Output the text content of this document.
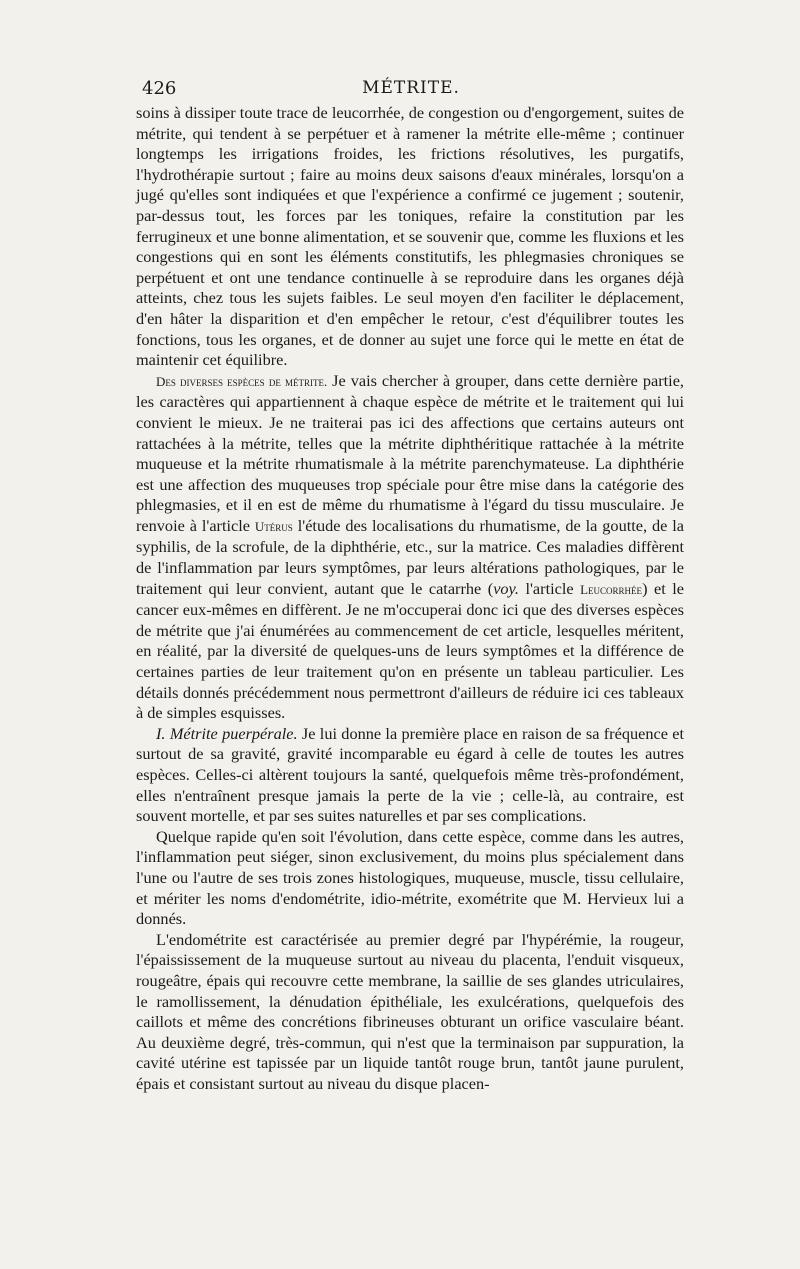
426	MÉTRITE.

soins à dissiper toute trace de leucorrhée, de congestion ou d'engorgement, suites de métrite, qui tendent à se perpétuer et à ramener la métrite elle-même ; continuer longtemps les irrigations froides, les frictions résolutives, les purgatifs, l'hydrothérapie surtout ; faire au moins deux saisons d'eaux minérales, lorsqu'on a jugé qu'elles sont indiquées et que l'expérience a confirmé ce jugement ; soutenir, par-dessus tout, les forces par les toniques, refaire la constitution par les ferrugineux et une bonne alimentation, et se souvenir que, comme les fluxions et les congestions qui en sont les éléments constitutifs, les phlegmasies chroniques se perpétuent et ont une tendance continuelle à se reproduire dans les organes déjà atteints, chez tous les sujets faibles. Le seul moyen d'en faciliter le déplacement, d'en hâter la disparition et d'en empêcher le retour, c'est d'équilibrer toutes les fonctions, tous les organes, et de donner au sujet une force qui le mette en état de maintenir cet équilibre.

Des diverses espèces de métrite. Je vais chercher à grouper, dans cette dernière partie, les caractères qui appartiennent à chaque espèce de métrite et le traitement qui lui convient le mieux. Je ne traiterai pas ici des affections que certains auteurs ont rattachées à la métrite, telles que la métrite diphthéritique rattachée à la métrite muqueuse et la métrite rhumatismale à la métrite parenchymateuse. La diphthérie est une affection des muqueuses trop spéciale pour être mise dans la catégorie des phlegmasies, et il en est de même du rhumatisme à l'égard du tissu musculaire. Je renvoie à l'article Utérus l'étude des localisations du rhumatisme, de la goutte, de la syphilis, de la scrofule, de la diphthérie, etc., sur la matrice. Ces maladies diffèrent de l'inflammation par leurs symptômes, par leurs altérations pathologiques, par le traitement qui leur convient, autant que le catarrhe (voy. l'article Leucorrhée) et le cancer eux-mêmes en diffèrent. Je ne m'occuperai donc ici que des diverses espèces de métrite que j'ai énumérées au commencement de cet article, lesquelles méritent, en réalité, par la diversité de quelques-uns de leurs symptômes et la différence de certaines parties de leur traitement qu'on en présente un tableau particulier. Les détails donnés précédemment nous permettront d'ailleurs de réduire ici ces tableaux à de simples esquisses.

I. Métrite puerpérale. Je lui donne la première place en raison de sa fréquence et surtout de sa gravité, gravité incomparable eu égard à celle de toutes les autres espèces. Celles-ci altèrent toujours la santé, quelquefois même très-profondément, elles n'entraînent presque jamais la perte de la vie ; celle-là, au contraire, est souvent mortelle, et par ses suites naturelles et par ses complications.

Quelque rapide qu'en soit l'évolution, dans cette espèce, comme dans les autres, l'inflammation peut siéger, sinon exclusivement, du moins plus spécialement dans l'une ou l'autre de ses trois zones histologiques, muqueuse, muscle, tissu cellulaire, et mériter les noms d'endométrite, idio-métrite, exométrite que M. Hervieux lui a donnés.

L'endométrite est caractérisée au premier degré par l'hypérémie, la rougeur, l'épaississement de la muqueuse surtout au niveau du placenta, l'enduit visqueux, rougeâtre, épais qui recouvre cette membrane, la saillie de ses glandes utriculaires, le ramollissement, la dénudation épithéliale, les exulcérations, quelquefois des caillots et même des concrétions fibrineuses obturant un orifice vasculaire béant. Au deuxième degré, très-commun, qui n'est que la terminaison par suppuration, la cavité utérine est tapissée par un liquide tantôt rouge brun, tantôt jaune purulent, épais et consistant surtout au niveau du disque placen-
